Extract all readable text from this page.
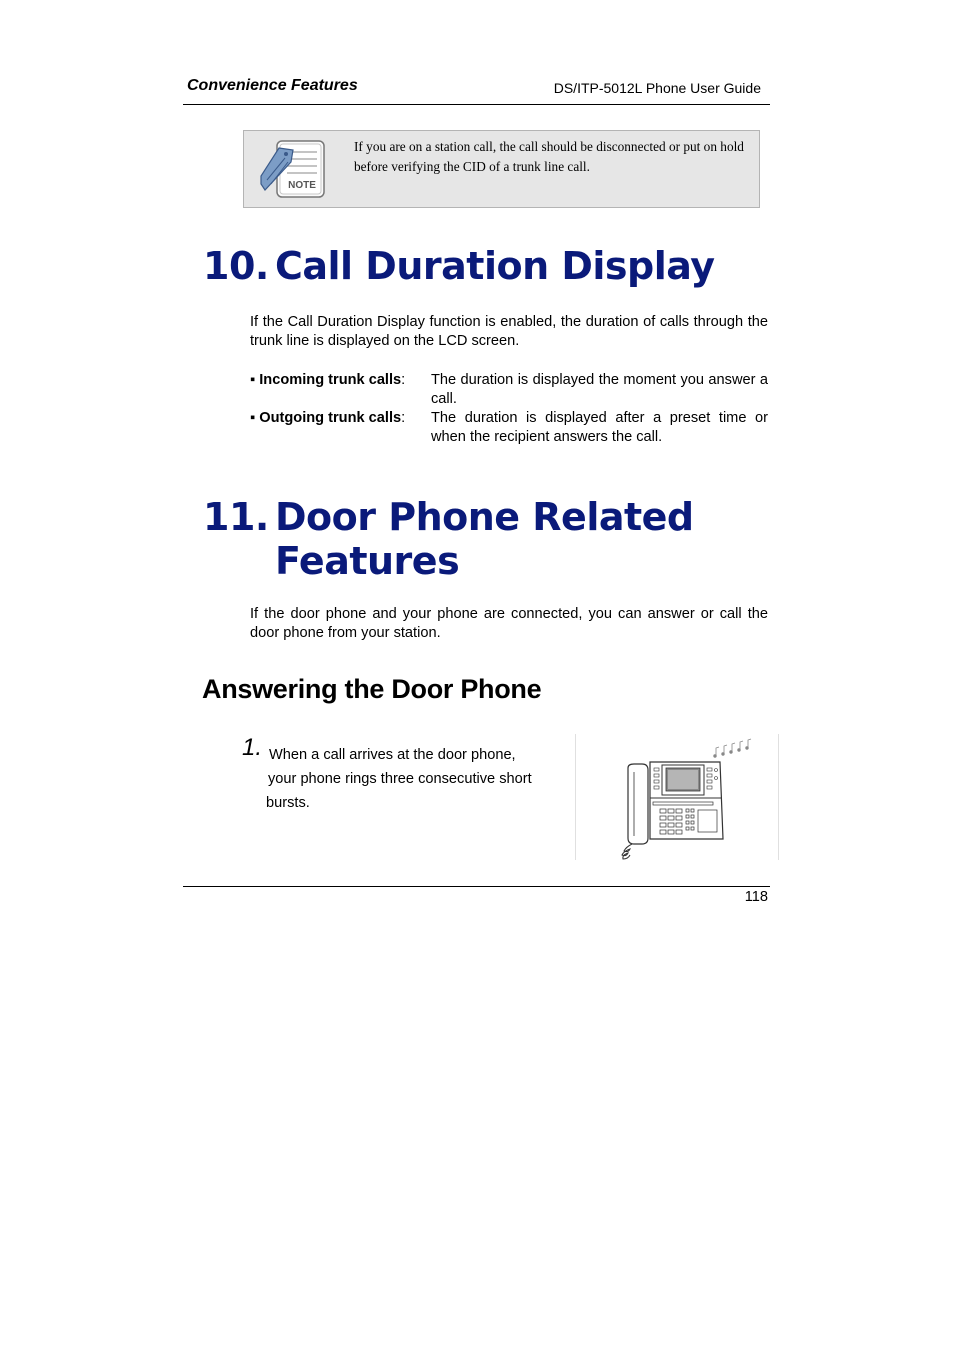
Convenience Features	DS/ITP-5012L Phone User Guide
NOTE
If you are on a station call, the call should be disconnected or put on hold before verifying the CID of a trunk line call.
10. Call Duration Display

If the Call Duration Display function is enabled, the duration of calls through the trunk line is displayed on the LCD screen.

▪ Incoming trunk calls: The duration is displayed the moment you answer a call.
▪ Outgoing trunk calls: The duration is displayed after a preset time or when the recipient answers the call.
11. Door Phone Related
Features

If the door phone and your phone are connected, you can answer or call the door phone from your station.

Answering the Door Phone
1. When a call arrives at the door phone,
your phone rings three consecutive short
bursts.
118
